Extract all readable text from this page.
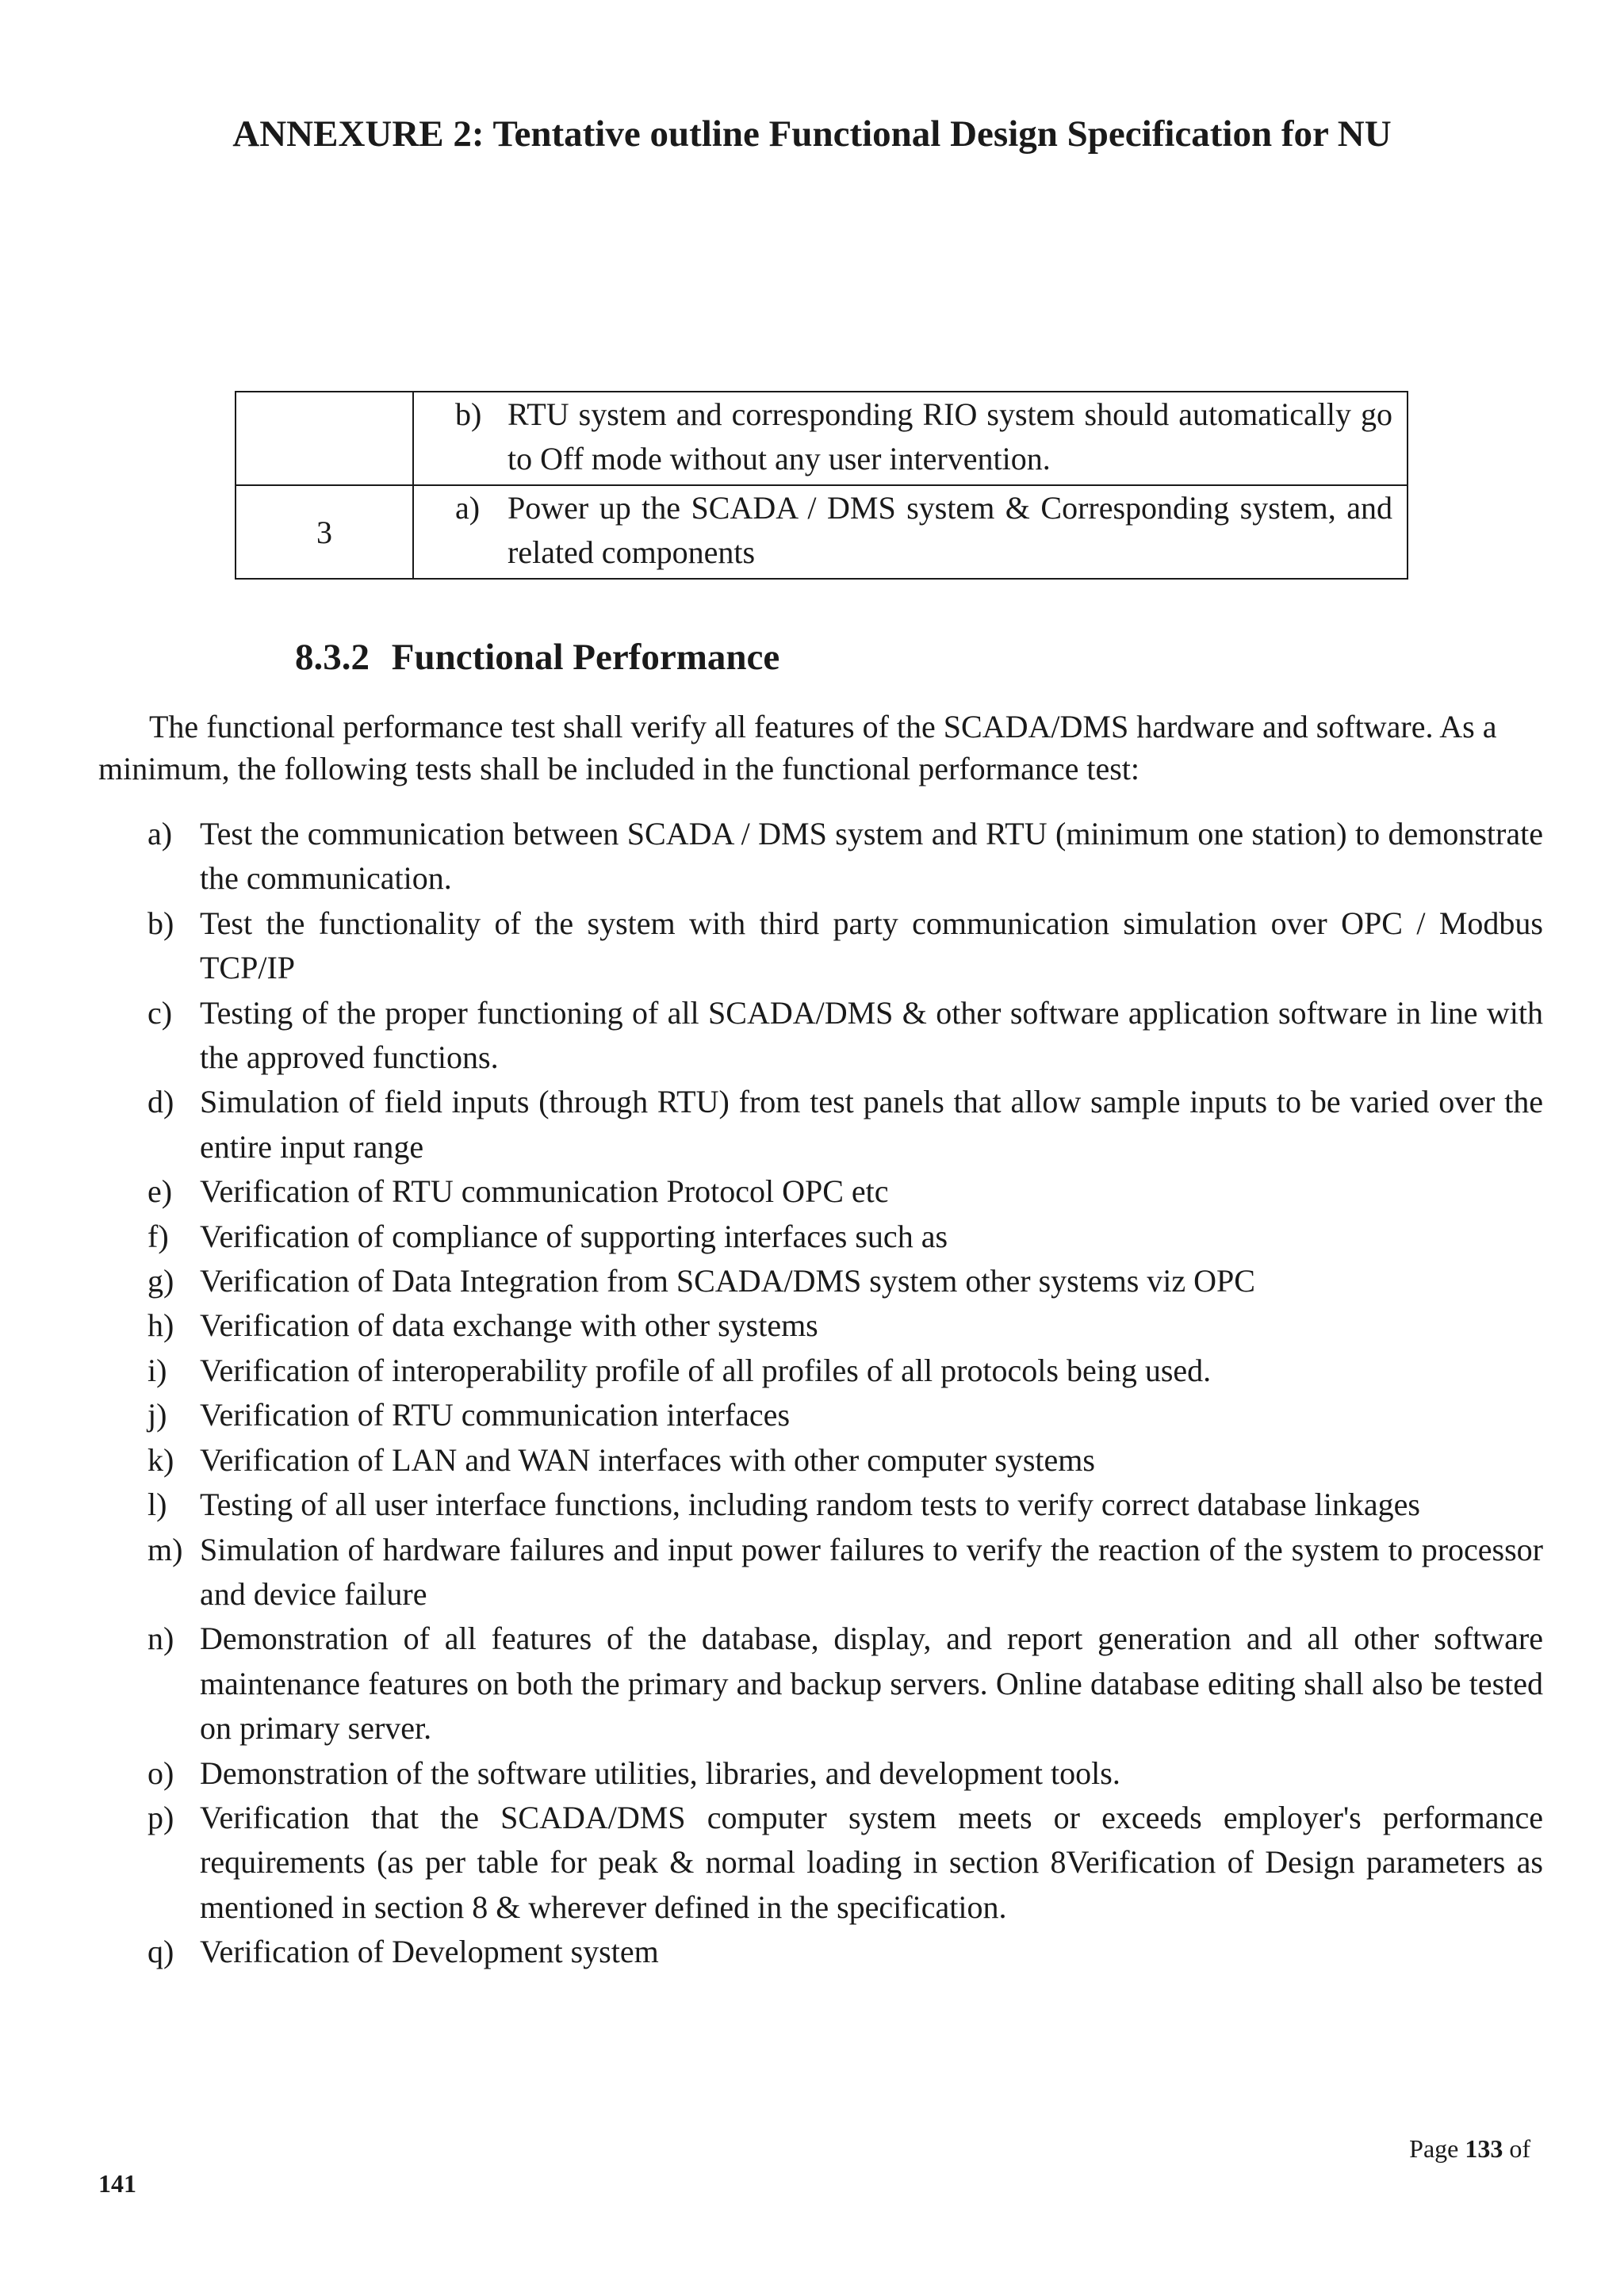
ANNEXURE 2: Tentative outline Functional Design Specification for NU

	b) RTU system and corresponding RIO system should automatically go to Off mode without any user intervention.

3	a) Power up the SCADA / DMS system & Corresponding system, and related components
8.3.2 Functional Performance

The functional performance test shall verify all features of the SCADA/DMS hardware and software. As a minimum, the following tests shall be included in the functional performance test:

a) Test the communication between SCADA / DMS system and RTU (minimum one station) to demonstrate the communication.
b) Test the functionality of the system with third party communication simulation over OPC / Modbus TCP/IP
c) Testing of the proper functioning of all SCADA/DMS & other software application software in line with the approved functions.
d) Simulation of field inputs (through RTU) from test panels that allow sample inputs to be varied over the entire input range
e) Verification of RTU communication Protocol OPC etc
f) Verification of compliance of supporting interfaces such as
g) Verification of Data Integration from SCADA/DMS system other systems viz OPC
h) Verification of data exchange with other systems
i)	Verification of interoperability profile of all profiles of all protocols being used.
j)	Verification of RTU communication interfaces
k) Verification of LAN and WAN interfaces with other computer systems
l)	Testing of all user interface functions, including random tests to verify correct database linkages
m) Simulation of hardware failures and input power failures to verify the reaction of the system to processor and device failure
n) Demonstration of all features of the database, display, and report generation and all other software maintenance features on both the primary and backup servers. Online database editing shall also be tested on primary server.
o) Demonstration of the software utilities, libraries, and development tools.
p) Verification that the SCADA/DMS computer system meets or exceeds employer's performance requirements (as per table for peak & normal loading in section 8Verification of Design parameters as mentioned in section 8 & wherever defined in the specification.
q) Verification of Development system
Page 133 of
141
